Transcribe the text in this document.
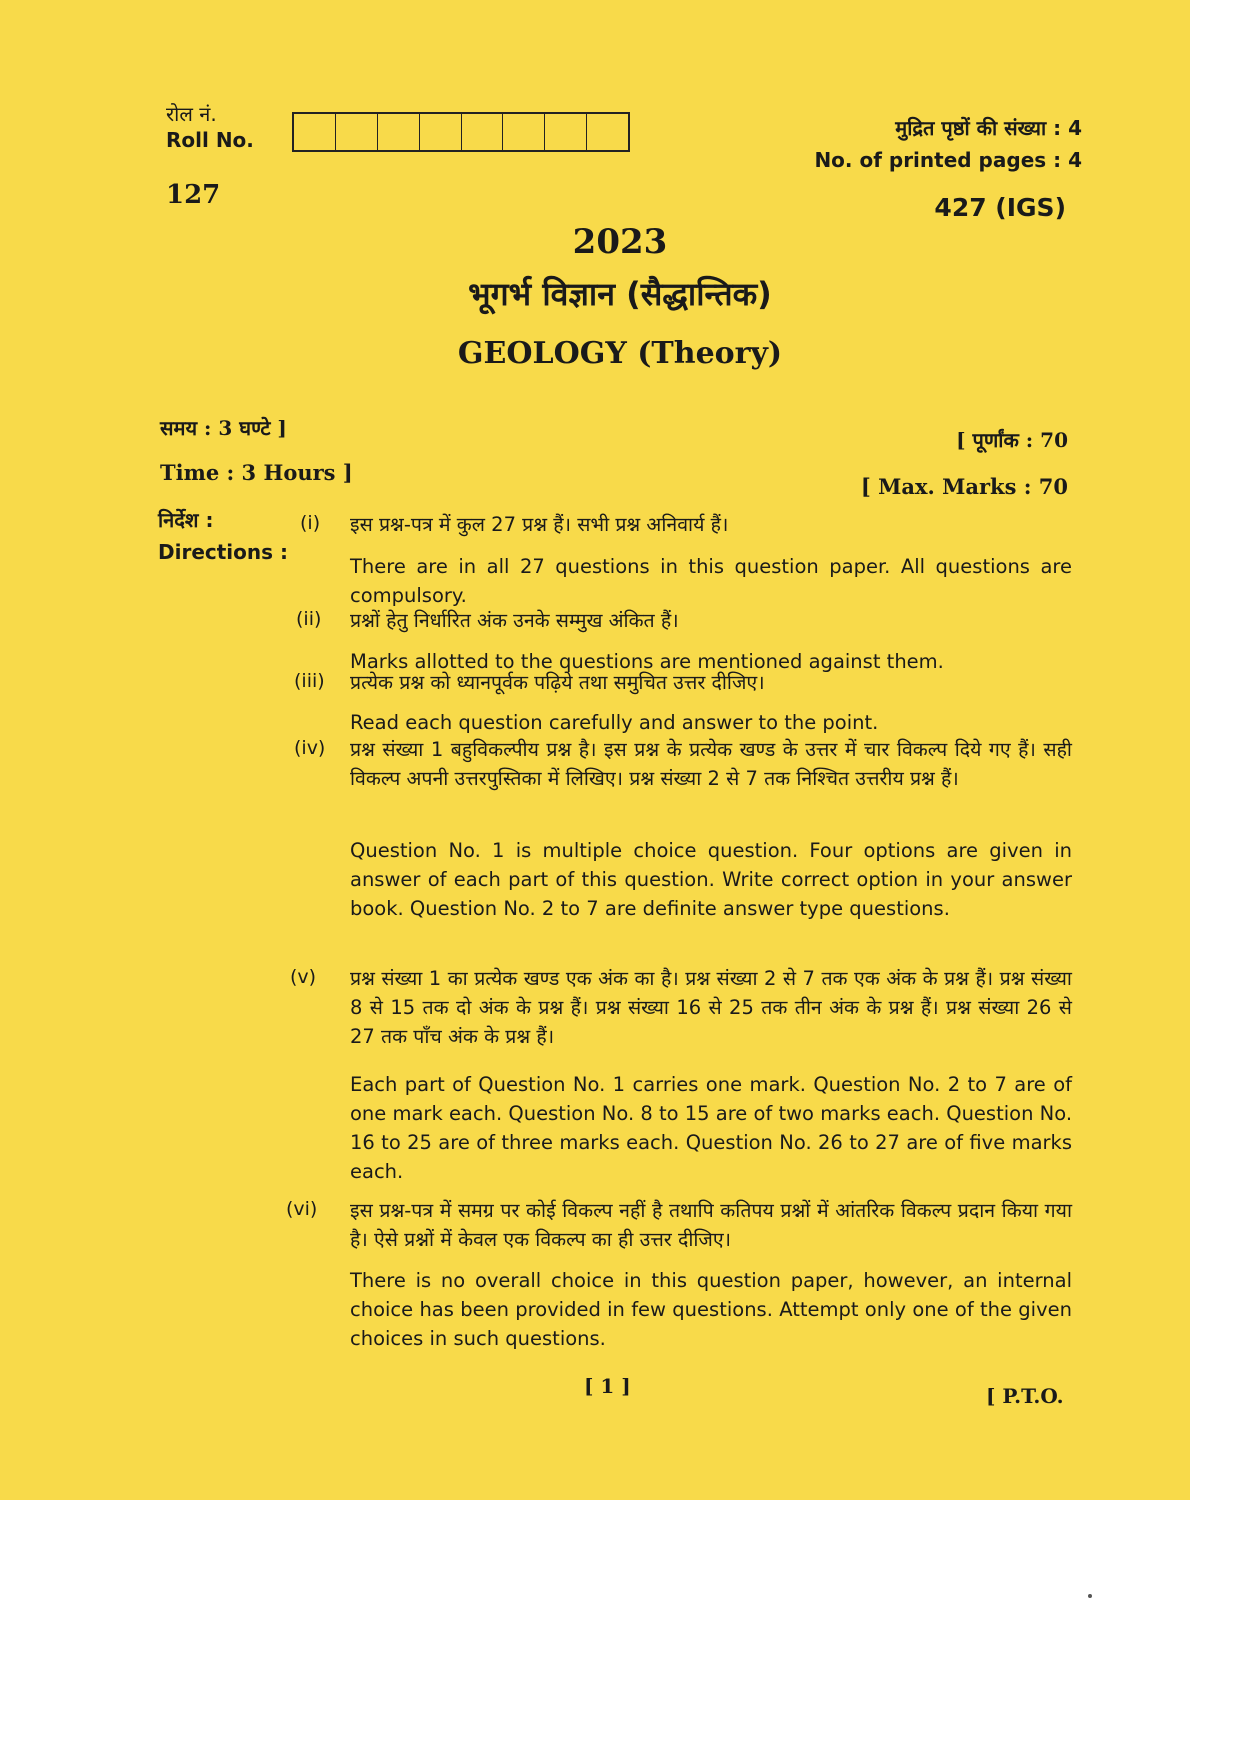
रोल नं.
Roll No.	मुद्रित पृष्ठों की संख्या : 4
No. of printed pages : 4
127	427 (IGS)
2023
भूगर्भ विज्ञान (सैद्धान्तिक)
GEOLOGY (Theory)
समय : 3 घण्टे ]
Time : 3 Hours ]
[ पूर्णांक : 70
[ Max. Marks : 70
निर्देश :
Directions :
(i) इस प्रश्न-पत्र में कुल 27 प्रश्न हैं। सभी प्रश्न अनिवार्य हैं।
There are in all 27 questions in this question paper. All questions are compulsory.
(ii) प्रश्नों हेतु निर्धारित अंक उनके सम्मुख अंकित हैं।
Marks allotted to the questions are mentioned against them.
(iii) प्रत्येक प्रश्न को ध्यानपूर्वक पढ़िये तथा समुचित उत्तर दीजिए।
Read each question carefully and answer to the point.
(iv) प्रश्न संख्या 1 बहुविकल्पीय प्रश्न है। इस प्रश्न के प्रत्येक खण्ड के उत्तर में चार विकल्प दिये गए हैं। सही विकल्प अपनी उत्तरपुस्तिका में लिखिए। प्रश्न संख्या 2 से 7 तक निश्चित उत्तरीय प्रश्न हैं।
Question No. 1 is multiple choice question. Four options are given in answer of each part of this question. Write correct option in your answer book. Question No. 2 to 7 are definite answer type questions.
(v) प्रश्न संख्या 1 का प्रत्येक खण्ड एक अंक का है। प्रश्न संख्या 2 से 7 तक एक अंक के प्रश्न हैं। प्रश्न संख्या 8 से 15 तक दो अंक के प्रश्न हैं। प्रश्न संख्या 16 से 25 तक तीन अंक के प्रश्न हैं। प्रश्न संख्या 26 से 27 तक पाँच अंक के प्रश्न हैं।
Each part of Question No. 1 carries one mark. Question No. 2 to 7 are of one mark each. Question No. 8 to 15 are of two marks each. Question No. 16 to 25 are of three marks each. Question No. 26 to 27 are of five marks each.
(vi) इस प्रश्न-पत्र में समग्र पर कोई विकल्प नहीं है तथापि कतिपय प्रश्नों में आंतरिक विकल्प प्रदान किया गया है। ऐसे प्रश्नों में केवल एक विकल्प का ही उत्तर दीजिए।
There is no overall choice in this question paper, however, an internal choice has been provided in few questions. Attempt only one of the given choices in such questions.
[ 1 ]	[ P.T.O.
